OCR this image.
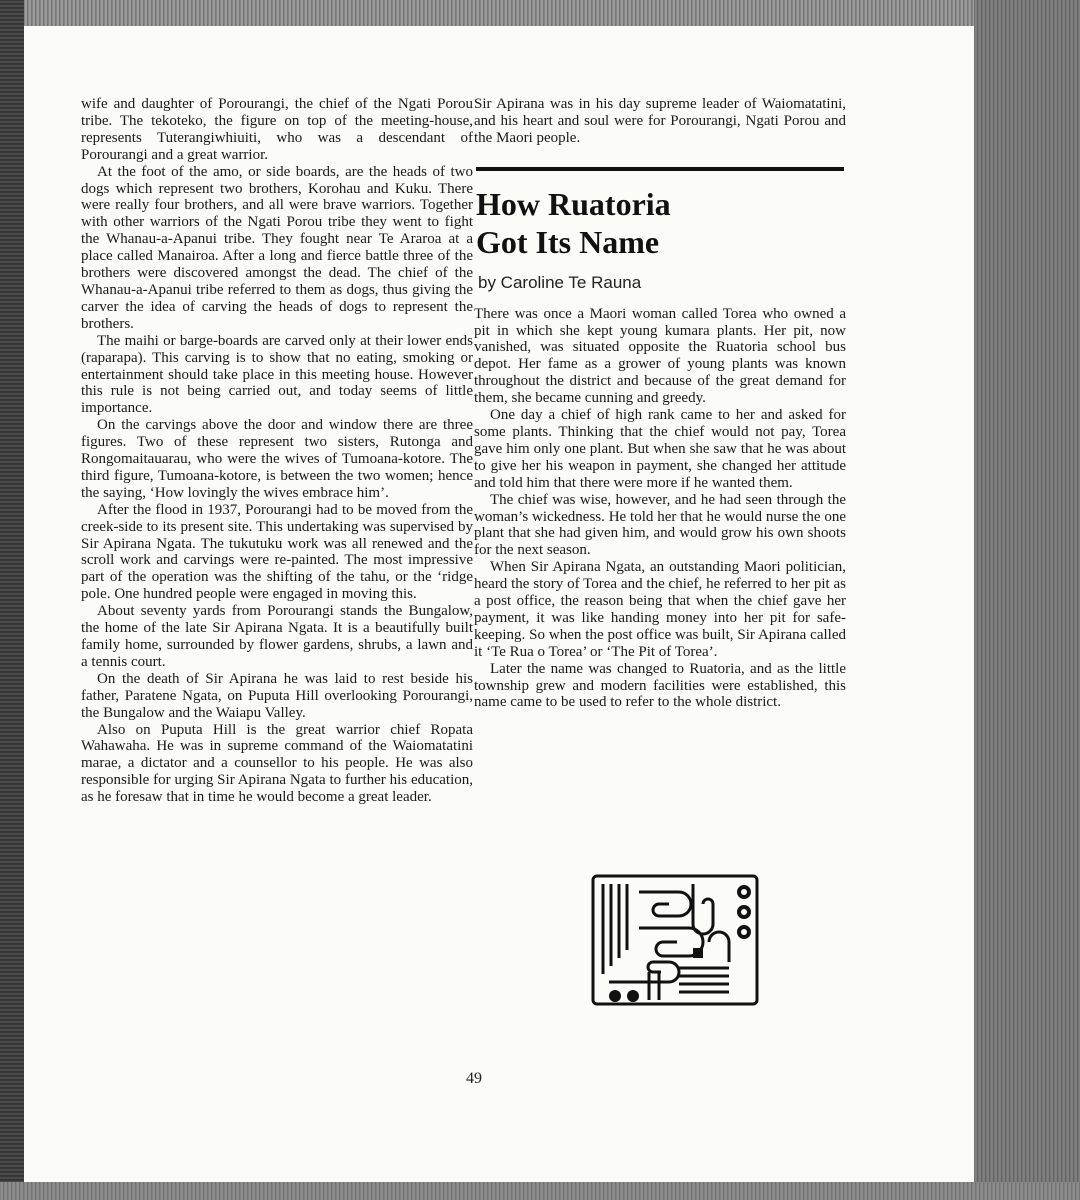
wife and daughter of Porourangi, the chief of the Ngati Porou tribe. The tekoteko, the figure on top of the meeting-house, represents Tuterangiwhiuiti, who was a descendant of Porourangi and a great warrior.

At the foot of the amo, or side boards, are the heads of two dogs which represent two brothers, Korohau and Kuku. There were really four brothers, and all were brave warriors. Together with other warriors of the Ngati Porou tribe they went to fight the Whanau-a-Apanui tribe. They fought near Te Araroa at a place called Manairoa. After a long and fierce battle three of the brothers were discovered amongst the dead. The chief of the Whanau-a-Apanui tribe referred to them as dogs, thus giving the carver the idea of carving the heads of dogs to represent the brothers.

The maihi or barge-boards are carved only at their lower ends (raparapa). This carving is to show that no eating, smoking or entertainment should take place in this meeting house. However this rule is not being carried out, and today seems of little importance.

On the carvings above the door and window there are three figures. Two of these represent two sisters, Rutonga and Rongomaitauarau, who were the wives of Tumoana-kotore. The third figure, Tumoana-kotore, is between the two women; hence the saying, ‘How lovingly the wives embrace him’.

After the flood in 1937, Porourangi had to be moved from the creek-side to its present site. This undertaking was supervised by Sir Apirana Ngata. The tukutuku work was all renewed and the scroll work and carvings were re-painted. The most impressive part of the operation was the shifting of the tahu, or the ‘ridge pole. One hundred people were engaged in moving this.

About seventy yards from Porourangi stands the Bungalow, the home of the late Sir Apirana Ngata. It is a beautifully built family home, surrounded by flower gardens, shrubs, a lawn and a tennis court.

On the death of Sir Apirana he was laid to rest beside his father, Paratene Ngata, on Puputa Hill overlooking Porourangi, the Bungalow and the Waiapu Valley.

Also on Puputa Hill is the great warrior chief Ropata Wahawaha. He was in supreme command of the Waiomatatini marae, a dictator and a counsellor to his people. He was also responsible for urging Sir Apirana Ngata to further his education, as he foresaw that in time he would become a great leader.

Sir Apirana was in his day supreme leader of Waiomatatini, and his heart and soul were for Porourangi, Ngati Porou and the Maori people.

How Ruatoria
Got Its Name
by Caroline Te Rauna

There was once a Maori woman called Torea who owned a pit in which she kept young kumara plants. Her pit, now vanished, was situated opposite the Ruatoria school bus depot. Her fame as a grower of young plants was known throughout the district and because of the great demand for them, she became cunning and greedy.

One day a chief of high rank came to her and asked for some plants. Thinking that the chief would not pay, Torea gave him only one plant. But when she saw that he was about to give her his weapon in payment, she changed her attitude and told him that there were more if he wanted them.

The chief was wise, however, and he had seen through the woman’s wickedness. He told her that he would nurse the one plant that she had given him, and would grow his own shoots for the next season.

When Sir Apirana Ngata, an outstanding Maori politician, heard the story of Torea and the chief, he referred to her pit as a post office, the reason being that when the chief gave her payment, it was like handing money into her pit for safe-keeping. So when the post office was built, Sir Apirana called it ‘Te Rua o Torea’ or ‘The Pit of Torea’.

Later the name was changed to Ruatoria, and as the little township grew and modern facilities were established, this name came to be used to refer to the whole district.

49
